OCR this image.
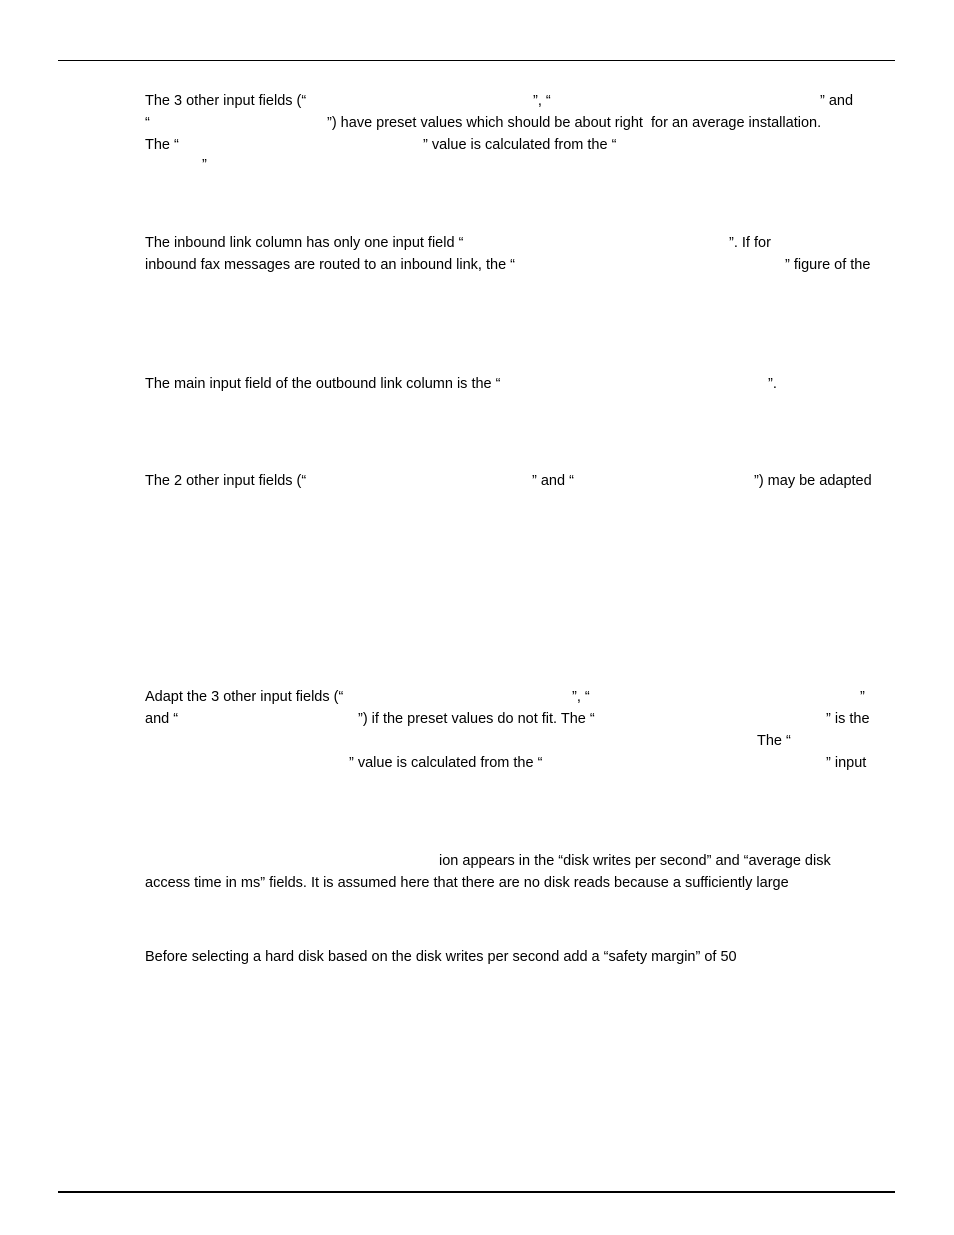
The 3 other input fields (“	”, “	” and
“	”) have preset values which should be about right  for an average installation.
The “	” value is calculated from the “
”
The inbound link column has only one input field “	”. If for
inbound fax messages are routed to an inbound link, the “	” figure of the
The main input field of the outbound link column is the “	”.
The 2 other input fields (“	” and “	”) may be adapted
Adapt the 3 other input fields (“	”, “	”
and “	”) if the preset values do not fit. The “	” is the
The “
” value is calculated from the “	” input
ion appears in the “disk writes per second” and “average disk
access time in ms” fields. It is assumed here that there are no disk reads because a sufficiently large
Before selecting a hard disk based on the disk writes per second add a “safety margin” of 50
